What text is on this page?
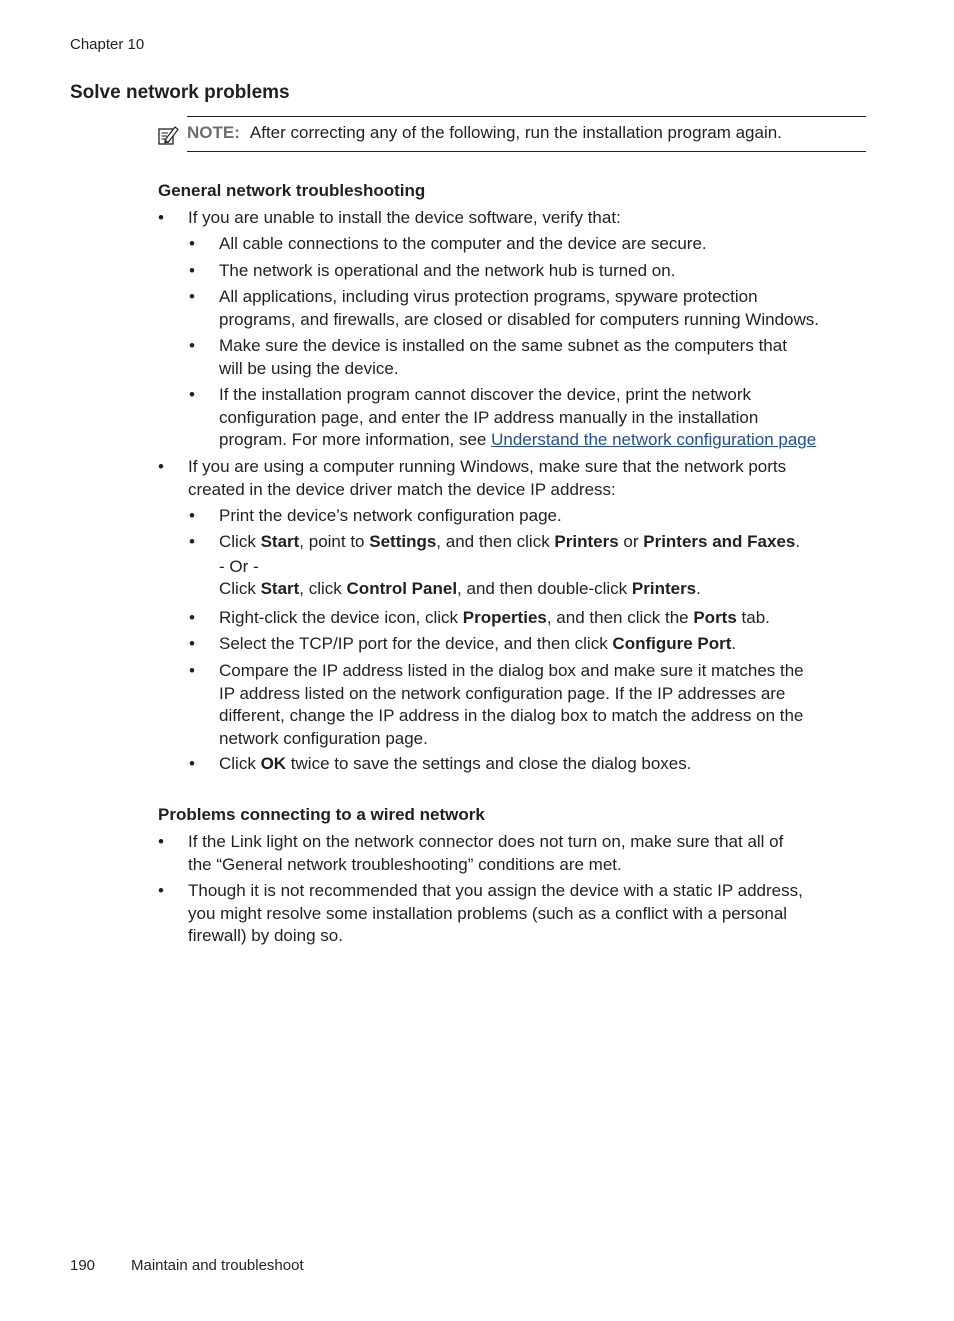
Chapter 10
Solve network problems
NOTE: After correcting any of the following, run the installation program again.
General network troubleshooting
• If you are unable to install the device software, verify that:
• All cable connections to the computer and the device are secure.
• The network is operational and the network hub is turned on.
• All applications, including virus protection programs, spyware protection
programs, and firewalls, are closed or disabled for computers running Windows.
• Make sure the device is installed on the same subnet as the computers that
will be using the device.
• If the installation program cannot discover the device, print the network
configuration page, and enter the IP address manually in the installation
program. For more information, see Understand the network configuration page
• If you are using a computer running Windows, make sure that the network ports
created in the device driver match the device IP address:
• Print the device’s network configuration page.
• Click Start, point to Settings, and then click Printers or Printers and Faxes.
- Or -
Click Start, click Control Panel, and then double-click Printers.
• Right-click the device icon, click Properties, and then click the Ports tab.
• Select the TCP/IP port for the device, and then click Configure Port.
• Compare the IP address listed in the dialog box and make sure it matches the
IP address listed on the network configuration page. If the IP addresses are
different, change the IP address in the dialog box to match the address on the
network configuration page.
• Click OK twice to save the settings and close the dialog boxes.
Problems connecting to a wired network
• If the Link light on the network connector does not turn on, make sure that all of
the “General network troubleshooting” conditions are met.
• Though it is not recommended that you assign the device with a static IP address,
you might resolve some installation problems (such as a conflict with a personal
firewall) by doing so.
190 Maintain and troubleshoot
